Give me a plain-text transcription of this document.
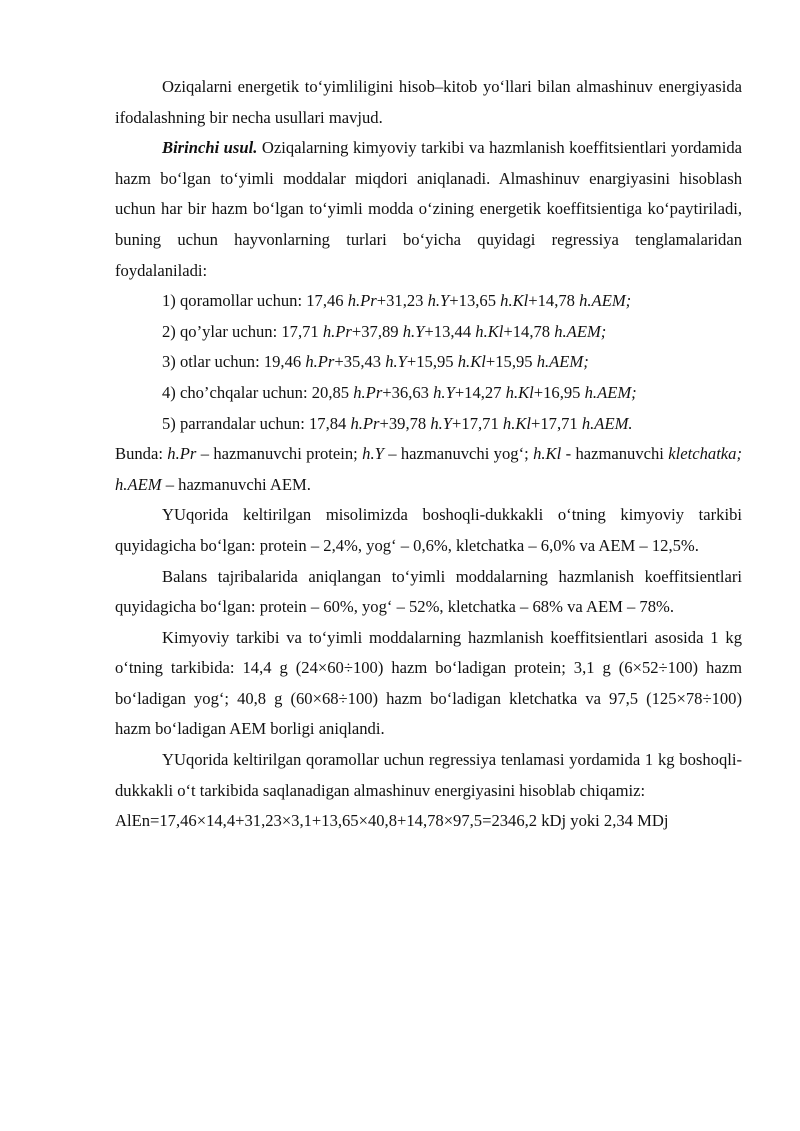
Oziqalarni energetik to‘yimliligini hisob–kitob yo‘llari bilan almashinuv energiyasida ifodalashning bir necha usullari mavjud.

Birinchi usul. Oziqalarning kimyoviy tarkibi va hazmlanish koeffitsientlari yordamida hazm bo‘lgan to‘yimli moddalar miqdori aniqlanadi. Almashinuv enargiyasini hisoblash uchun har bir hazm bo‘lgan to‘yimli modda o‘zining energetik koeffitsientiga ko‘paytiriladi, buning uchun hayvonlarning turlari bo‘yicha quyidagi regressiya tenglamalaridan foydalaniladi:

1) qoramollar uchun: 17,46 h.Pr+31,23 h.Y+13,65 h.Kl+14,78 h.AEM;
2) qo’ylar uchun: 17,71 h.Pr+37,89 h.Y+13,44 h.Kl+14,78 h.AEM;
3) otlar uchun: 19,46 h.Pr+35,43 h.Y+15,95 h.Kl+15,95 h.AEM;
4) cho’chqalar uchun: 20,85 h.Pr+36,63 h.Y+14,27 h.Kl+16,95 h.AEM;
5) parrandalar uchun: 17,84 h.Pr+39,78 h.Y+17,71 h.Kl+17,71 h.AEM.

Bunda: h.Pr – hazmanuvchi protein; h.Y – hazmanuvchi yog‘; h.Kl - hazmanuvchi kletchatka; h.AEM – hazmanuvchi AEM.

YUqorida keltirilgan misolimizda boshoqli-dukkakli o‘tning kimyoviy tarkibi quyidagicha bo‘lgan: protein – 2,4%, yog‘ – 0,6%, kletchatka – 6,0% va AEM – 12,5%.

Balans tajribalarida aniqlangan to‘yimli moddalarning hazmlanish koeffitsientlari quyidagicha bo‘lgan: protein – 60%, yog‘ – 52%, kletchatka – 68% va AEM – 78%.

Kimyoviy tarkibi va to‘yimli moddalarning hazmlanish koeffitsientlari asosida 1 kg o‘tning tarkibida: 14,4 g (24×60÷100) hazm bo‘ladigan protein; 3,1 g (6×52÷100) hazm bo‘ladigan yog‘; 40,8 g (60×68÷100) hazm bo‘ladigan kletchatka va 97,5 (125×78÷100) hazm bo‘ladigan AEM borligi aniqlandi.

YUqorida keltirilgan qoramollar uchun regressiya tenlamasi yordamida 1 kg boshoqli-dukkakli o‘t tarkibida saqlanadigan almashinuv energiyasini hisoblab chiqamiz:

AlEn=17,46×14,4+31,23×3,1+13,65×40,8+14,78×97,5=2346,2 kDj yoki 2,34 MDj
